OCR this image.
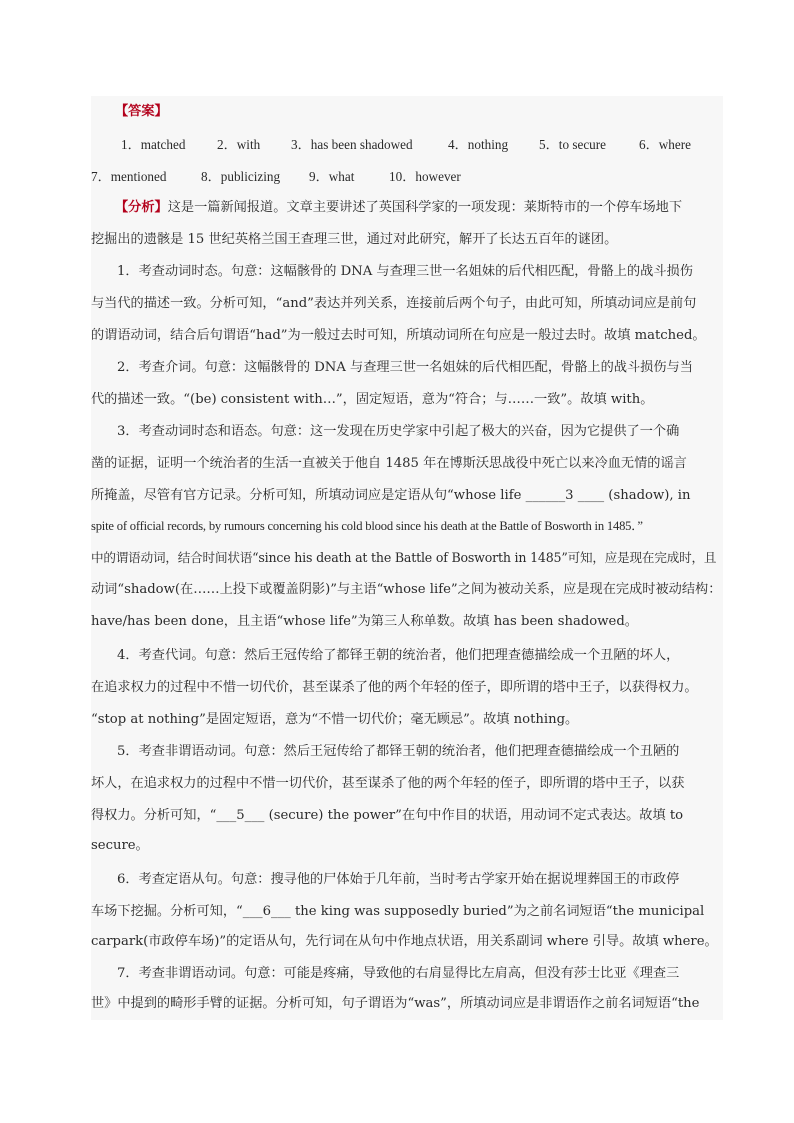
【答案】
1．matched 2．with 3．has been shadowed	4．nothing 5．to secure 6．where
7．mentioned	8．publicizing 9．what	10．however
【分析】这是一篇新闻报道。文章主要讲述了英国科学家的一项发现：莱斯特市的一个停车场地下
挖掘出的遗骸是 15 世纪英格兰国王查理三世，通过对此研究，解开了长达五百年的谜团。
1．考查动词时态。句意：这幅骸骨的 DNA 与查理三世一名姐妹的后代相匹配，骨骼上的战斗损伤
与当代的描述一致。分析可知，“and”表达并列关系，连接前后两个句子，由此可知，所填动词应是前句
的谓语动词，结合后句谓语“had”为一般过去时可知，所填动词所在句应是一般过去时。故填 matched。
2．考查介词。句意：这幅骸骨的 DNA 与查理三世一名姐妹的后代相匹配，骨骼上的战斗损伤与当
代的描述一致。“(be) consistent with…”，固定短语，意为“符合；与……一致”。故填 with。
3．考查动词时态和语态。句意：这一发现在历史学家中引起了极大的兴奋，因为它提供了一个确
凿的证据，证明一个统治者的生活一直被关于他自 1485 年在博斯沃思战役中死亡以来冷血无情的谣言
所掩盖，尽管有官方记录。分析可知，所填动词应是定语从句“whose life ______3 ____ (shadow), in
spite of official records, by rumours concerning his cold blood since his death at the Battle of Bosworth in 1485．”
中的谓语动词，结合时间状语“since his death at the Battle of Bosworth in 1485”可知，应是现在完成时，且
动词“shadow(在……上投下或覆盖阴影)”与主语“whose life”之间为被动关系，应是现在完成时被动结构：
have/has been done，且主语“whose life”为第三人称单数。故填 has been shadowed。
4．考查代词。句意：然后王冠传给了都铎王朝的统治者，他们把理查德描绘成一个丑陋的坏人，
在追求权力的过程中不惜一切代价，甚至谋杀了他的两个年轻的侄子，即所谓的塔中王子，以获得权力。
“stop at nothing”是固定短语，意为“不惜一切代价；毫无顾忌”。故填 nothing。
5．考查非谓语动词。句意：然后王冠传给了都铎王朝的统治者，他们把理查德描绘成一个丑陋的
坏人，在追求权力的过程中不惜一切代价，甚至谋杀了他的两个年轻的侄子，即所谓的塔中王子，以获
得权力。分析可知，“___5___ (secure) the power”在句中作目的状语，用动词不定式表达。故填 to
secure。
6．考查定语从句。句意：搜寻他的尸体始于几年前，当时考古学家开始在据说埋葬国王的市政停
车场下挖掘。分析可知，“___6___ the king was supposedly buried”为之前名词短语“the municipal
carpark(市政停车场)”的定语从句，先行词在从句中作地点状语，用关系副词 where 引导。故填 where。
7．考查非谓语动词。句意：可能是疼痛，导致他的右肩显得比左肩高，但没有莎士比亚《理查三
世》中提到的畸形手臂的证据。分析可知，句子谓语为“was”，所填动词应是非谓语作之前名词短语“the
